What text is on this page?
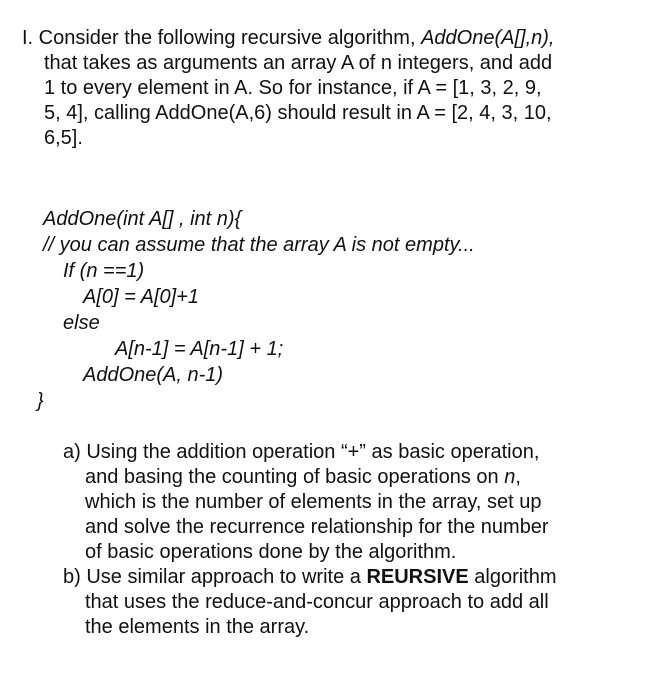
I. Consider the following recursive algorithm, AddOne(A[],n),
that takes as arguments an array A of n integers, and add
1 to every element in A. So for instance, if A = [1, 3, 2, 9,
5, 4], calling AddOne(A,6) should result in A = [2, 4, 3, 10,
6,5].
AddOne(int A[] , int n){
// you can assume that the array A is not empty...
If (n ==1)
A[0] = A[0]+1
else
A[n-1] = A[n-1] + 1;
AddOne(A, n-1)
}
a) Using the addition operation “+” as basic operation,
and basing the counting of basic operations on n,
which is the number of elements in the array, set up
and solve the recurrence relationship for the number
of basic operations done by the algorithm.
b) Use similar approach to write a REURSIVE algorithm
that uses the reduce-and-concur approach to add all
the elements in the array.
